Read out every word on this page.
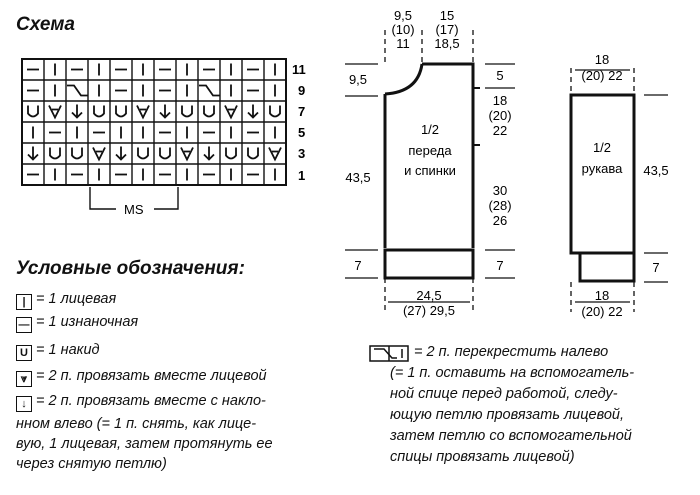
Схема
11
9
7
5
3
1
MS
9,5
(10)
11
15
(17)
18,5
9,5
43,5
7
5
18
(20)
22
30
(28)
26
7
1/2
переда
и спинки
24,5
(27) 29,5
18
(20) 22
1/2
рукава 43,5
7
18
(20) 22
Условные обозначения:
| = 1 лицевая
— = 1 изнаночная
U = 1 накид
⩔ = 2 п. провязать вместе лицевой
↓ = 2 п. провязать вместе с накло-
нном влево (= 1 п. снять, как лице-
вую, 1 лицевая, затем протянуть ее
через снятую петлю)
= 2 п. перекрестить налево
(= 1 п. оставить на вспомогатель-
ной спице перед работой, следу-
ющую петлю провязать лицевой,
затем петлю со вспомогательной
спицы провязать лицевой)
